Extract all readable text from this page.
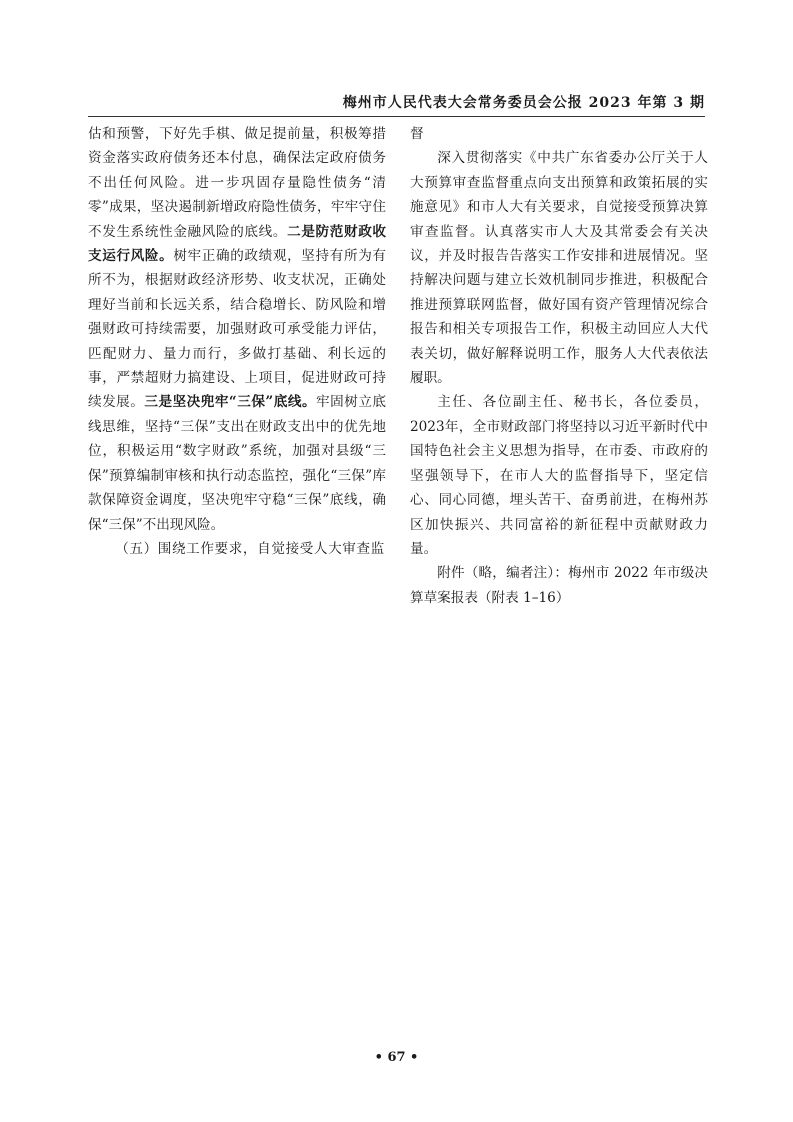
梅州市人民代表大会常务委员会公报 2023 年第 3 期

估和预警，下好先手棋、做足提前量，积极筹措资金落实政府债务还本付息，确保法定政府债务不出任何风险。进一步巩固存量隐性债务“清零”成果，坚决遏制新增政府隐性债务，牢牢守住不发生系统性金融风险的底线。二是防范财政收支运行风险。树牢正确的政绩观，坚持有所为有所不为，根据财政经济形势、收支状况，正确处理好当前和长远关系，结合稳增长、防风险和增强财政可持续需要，加强财政可承受能力评估，匹配财力、量力而行，多做打基础、利长远的事，严禁超财力搞建设、上项目，促进财政可持续发展。三是坚决兜牢“三保”底线。牢固树立底线思维，坚持“三保”支出在财政支出中的优先地位，积极运用“数字财政”系统，加强对县级“三保”预算编制审核和执行动态监控，强化“三保”库款保障资金调度，坚决兜牢守稳“三保”底线，确保“三保”不出现风险。

（五）围绕工作要求，自觉接受人大审查监

督

深入贯彻落实《中共广东省委办公厅关于人大预算审查监督重点向支出预算和政策拓展的实施意见》和市人大有关要求，自觉接受预算决算审查监督。认真落实市人大及其常委会有关决议，并及时报告告落实工作安排和进展情况。坚持解决问题与建立长效机制同步推进，积极配合推进预算联网监督，做好国有资产管理情况综合报告和相关专项报告工作，积极主动回应人大代表关切，做好解释说明工作，服务人大代表依法履职。

主任、各位副主任、秘书长，各位委员，2023年，全市财政部门将坚持以习近平新时代中国特色社会主义思想为指导，在市委、市政府的坚强领导下，在市人大的监督指导下，坚定信心、同心同德，埋头苦干、奋勇前进，在梅州苏区加快振兴、共同富裕的新征程中贡献财政力量。

附件（略，编者注）：梅州市 2022 年市级决算草案报表（附表 1–16）

• 67 •
